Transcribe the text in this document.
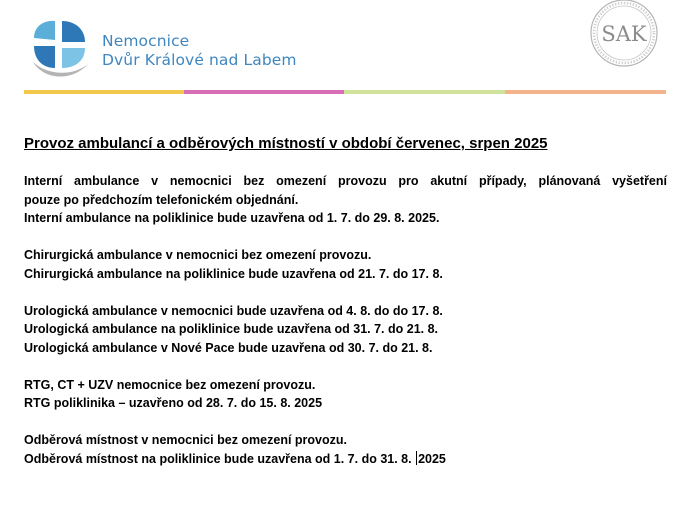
Nemocnice
Dvůr Králové nad Labem
SAK
Provoz ambulancí a odběrových místností v období červenec, srpen 2025
Interní ambulance v nemocnici bez omezení provozu pro akutní případy, plánovaná vyšetření
pouze po předchozím telefonickém objednání.
Interní ambulance na poliklinice bude uzavřena od 1. 7. do 29. 8. 2025.
Chirurgická ambulance v nemocnici bez omezení provozu.
Chirurgická ambulance na poliklinice bude uzavřena od 21. 7. do 17. 8.
Urologická ambulance v nemocnici bude uzavřena od 4. 8. do do 17. 8.
Urologická ambulance na poliklinice bude uzavřena od 31. 7. do 21. 8.
Urologická ambulance v Nové Pace bude uzavřena od 30. 7. do 21. 8.
RTG, CT + UZV nemocnice bez omezení provozu.
RTG poliklinika – uzavřeno od 28. 7. do 15. 8. 2025
Odběrová místnost v nemocnici bez omezení provozu.
Odběrová místnost na poliklinice bude uzavřena od 1. 7. do 31. 8. 2025
